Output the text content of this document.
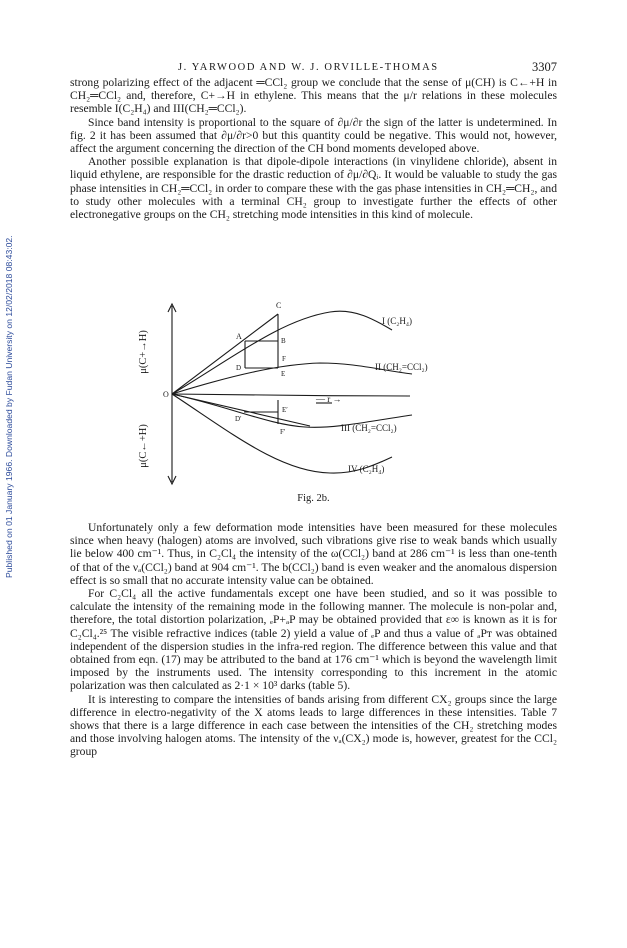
Published on 01 January 1966. Downloaded by Fudan University on 12/02/2018 08:43:02.
J. YARWOOD AND W. J. ORVILLE-THOMAS	3307

strong polarizing effect of the adjacent ═CCl₂ group we conclude that the sense of μ(CH) is C←+H in CH₂═CCl₂ and, therefore, C+→H in ethylene. This means that the μ/r relations in these molecules resemble I(C₂H₄) and III(CH₂═CCl₂).

Since band intensity is proportional to the square of ∂μ/∂r the sign of the latter is undetermined. In fig. 2 it has been assumed that ∂μ/∂r>0 but this quantity could be negative. This would not, however, affect the argument concerning the direction of the CH bond moments developed above.

Another possible explanation is that dipole-dipole interactions (in vinylidene chloride), absent in liquid ethylene, are responsible for the drastic reduction of ∂μ/∂Qᵢ. It would be valuable to study the gas phase intensities in CH₂═CCl₂ in order to compare these with the gas phase intensities in CH₂═CH₂, and to study other molecules with a terminal CH₂ group to investigate further the effects of other electronegative groups on the CH₂ stretching mode intensities in this kind of molecule.

μ(C+→H)
μ(C←+H)
C
A	B
D
E
F
O
E′
D′
F′
— r →
I (C₂H₄)
II (CH₂=CCl₂)
III (CH₂=CCl₂)
IV (C₂H₄)
Fig. 2b.

Unfortunately only a few deformation mode intensities have been measured for these molecules since when heavy (halogen) atoms are involved, such vibrations give rise to weak bands which usually lie below 400 cm⁻¹. Thus, in C₂Cl₄ the intensity of the ω(CCl₂) band at 286 cm⁻¹ is less than one-tenth of that of the νₐ(CCl₂) band at 904 cm⁻¹. The b(CCl₂) band is even weaker and the anomalous dispersion effect is so small that no accurate intensity value can be obtained.

For C₂Cl₄ all the active fundamentals except one have been studied, and so it was possible to calculate the intensity of the remaining mode in the following manner. The molecule is non-polar and, therefore, the total distortion polarization, ₑP+ₐP may be obtained provided that ε∞ is known as it is for C₂Cl₄.²⁵ The visible refractive indices (table 2) yield a value of ₑP and thus a value of ₐPᴛ was obtained independent of the dispersion studies in the infra-red region. The difference between this value and that obtained from eqn. (17) may be attributed to the band at 176 cm⁻¹ which is beyond the wavelength limit imposed by the instruments used. The intensity corresponding to this increment in the atomic polarization was then calculated as 2·1 × 10³ darks (table 5).

It is interesting to compare the intensities of bands arising from different CX₂ groups since the large difference in electro-negativity of the X atoms leads to large differences in these intensities. Table 7 shows that there is a large difference in each case between the intensities of the CH₂ stretching modes and those involving halogen atoms. The intensity of the νₐ(CX₂) mode is, however, greatest for the CCl₂ group
